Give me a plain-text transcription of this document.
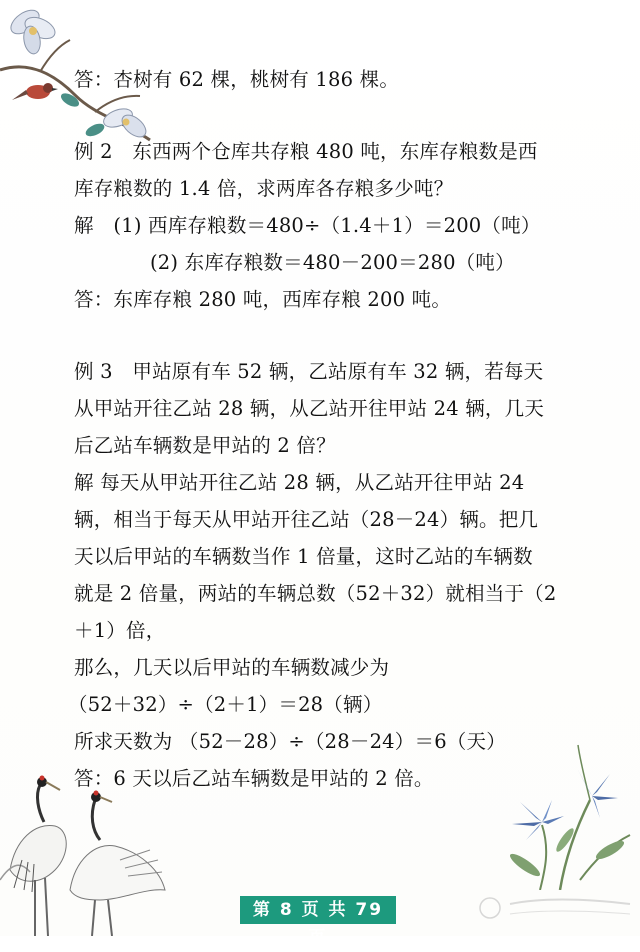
答：杏树有 62 棵，桃树有 186 棵。
例 2　东西两个仓库共存粮 480 吨，东库存粮数是西
库存粮数的 1.4 倍，求两库各存粮多少吨？
解　(1) 西库存粮数＝480÷（1.4＋1）＝200（吨）
(2) 东库存粮数＝480－200＝280（吨）
答：东库存粮 280 吨，西库存粮 200 吨。
例 3　甲站原有车 52 辆，乙站原有车 32 辆，若每天
从甲站开往乙站 28 辆，从乙站开往甲站 24 辆，几天
后乙站车辆数是甲站的 2 倍？
解 每天从甲站开往乙站 28 辆，从乙站开往甲站 24
辆，相当于每天从甲站开往乙站（28－24）辆。把几
天以后甲站的车辆数当作 1 倍量，这时乙站的车辆数
就是 2 倍量，两站的车辆总数（52＋32）就相当于（2
＋1）倍，
那么，几天以后甲站的车辆数减少为
（52＋32）÷（2＋1）＝28（辆）
所求天数为 （52－28）÷（28－24）＝6（天）
答：6 天以后乙站车辆数是甲站的 2 倍。
第 8 页 共 79 页
